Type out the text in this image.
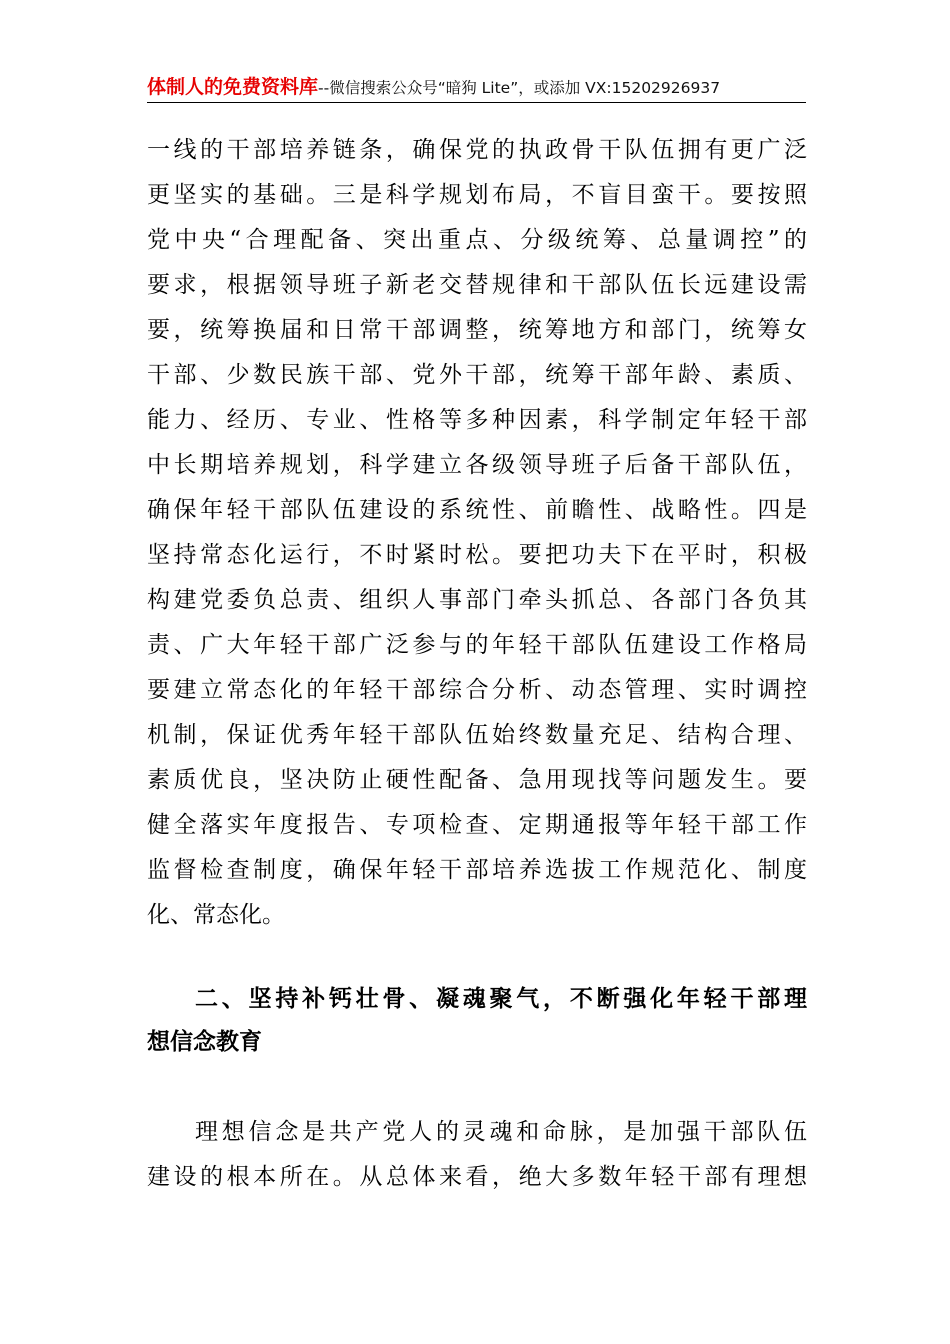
体制人的免费资料库--微信搜索公众号“暗狗 Lite”，或添加 VX:15202926937
一线的干部培养链条，确保党的执政骨干队伍拥有更广泛
更坚实的基础。三是科学规划布局，不盲目蛮干。要按照
党中央“合理配备、突出重点、分级统筹、总量调控”的
要求，根据领导班子新老交替规律和干部队伍长远建设需
要，统筹换届和日常干部调整，统筹地方和部门，统筹女
干部、少数民族干部、党外干部，统筹干部年龄、素质、
能力、经历、专业、性格等多种因素，科学制定年轻干部
中长期培养规划，科学建立各级领导班子后备干部队伍，
确保年轻干部队伍建设的系统性、前瞻性、战略性。四是
坚持常态化运行，不时紧时松。要把功夫下在平时，积极
构建党委负总责、组织人事部门牵头抓总、各部门各负其
责、广大年轻干部广泛参与的年轻干部队伍建设工作格局
要建立常态化的年轻干部综合分析、动态管理、实时调控
机制，保证优秀年轻干部队伍始终数量充足、结构合理、
素质优良，坚决防止硬性配备、急用现找等问题发生。要
健全落实年度报告、专项检查、定期通报等年轻干部工作
监督检查制度，确保年轻干部培养选拔工作规范化、制度
化、常态化。
二、坚持补钙壮骨、凝魂聚气，不断强化年轻干部理
想信念教育
理想信念是共产党人的灵魂和命脉，是加强干部队伍
建设的根本所在。从总体来看，绝大多数年轻干部有理想
